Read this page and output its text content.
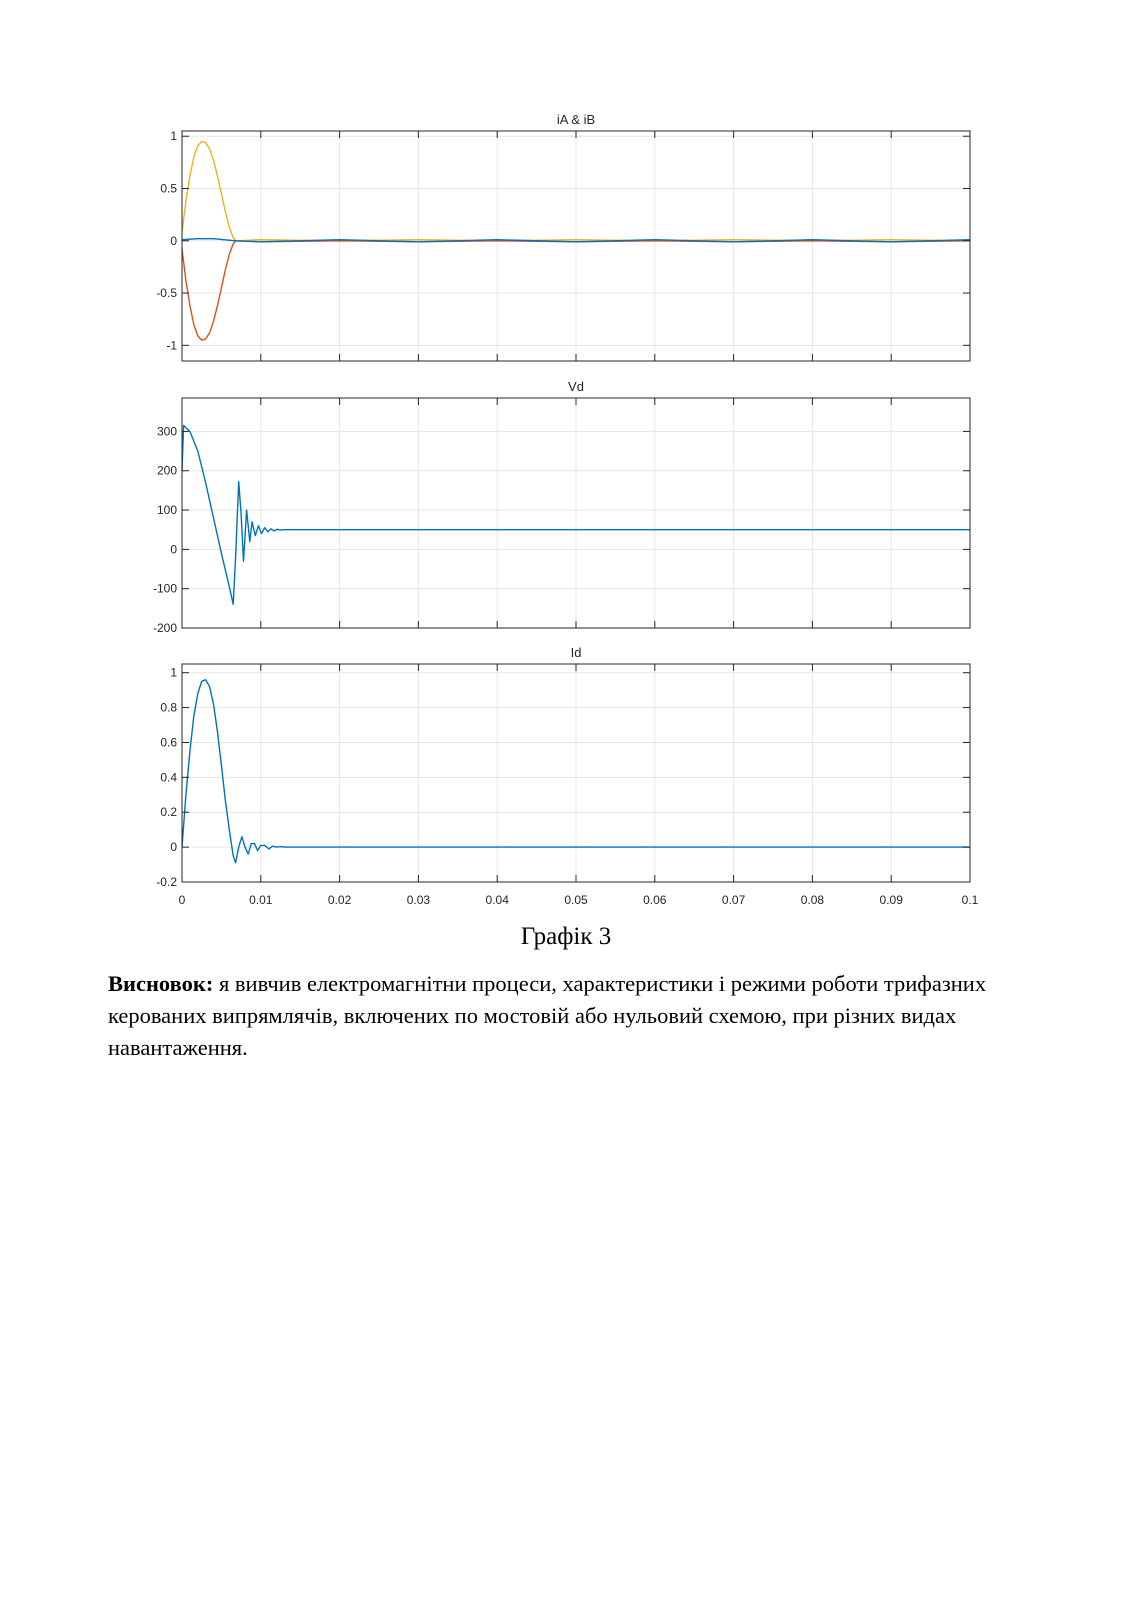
1
0.5
0
-0.5
-1
iA & iB
300
200
100
0
-100
-200
Vd
1
0.8
0.6
0.4
0.2
0
-0.2
0	0.01	0.02	0.03	0.04	0.05	0.06	0.07	0.08	0.09	0.1
Id
Графік 3
Висновок: я вивчив електромагнітни процеси, характеристики і режими роботи трифазних керованих випрямлячів, включених по мостовій або нульовий схемою, при різних видах навантаження.
